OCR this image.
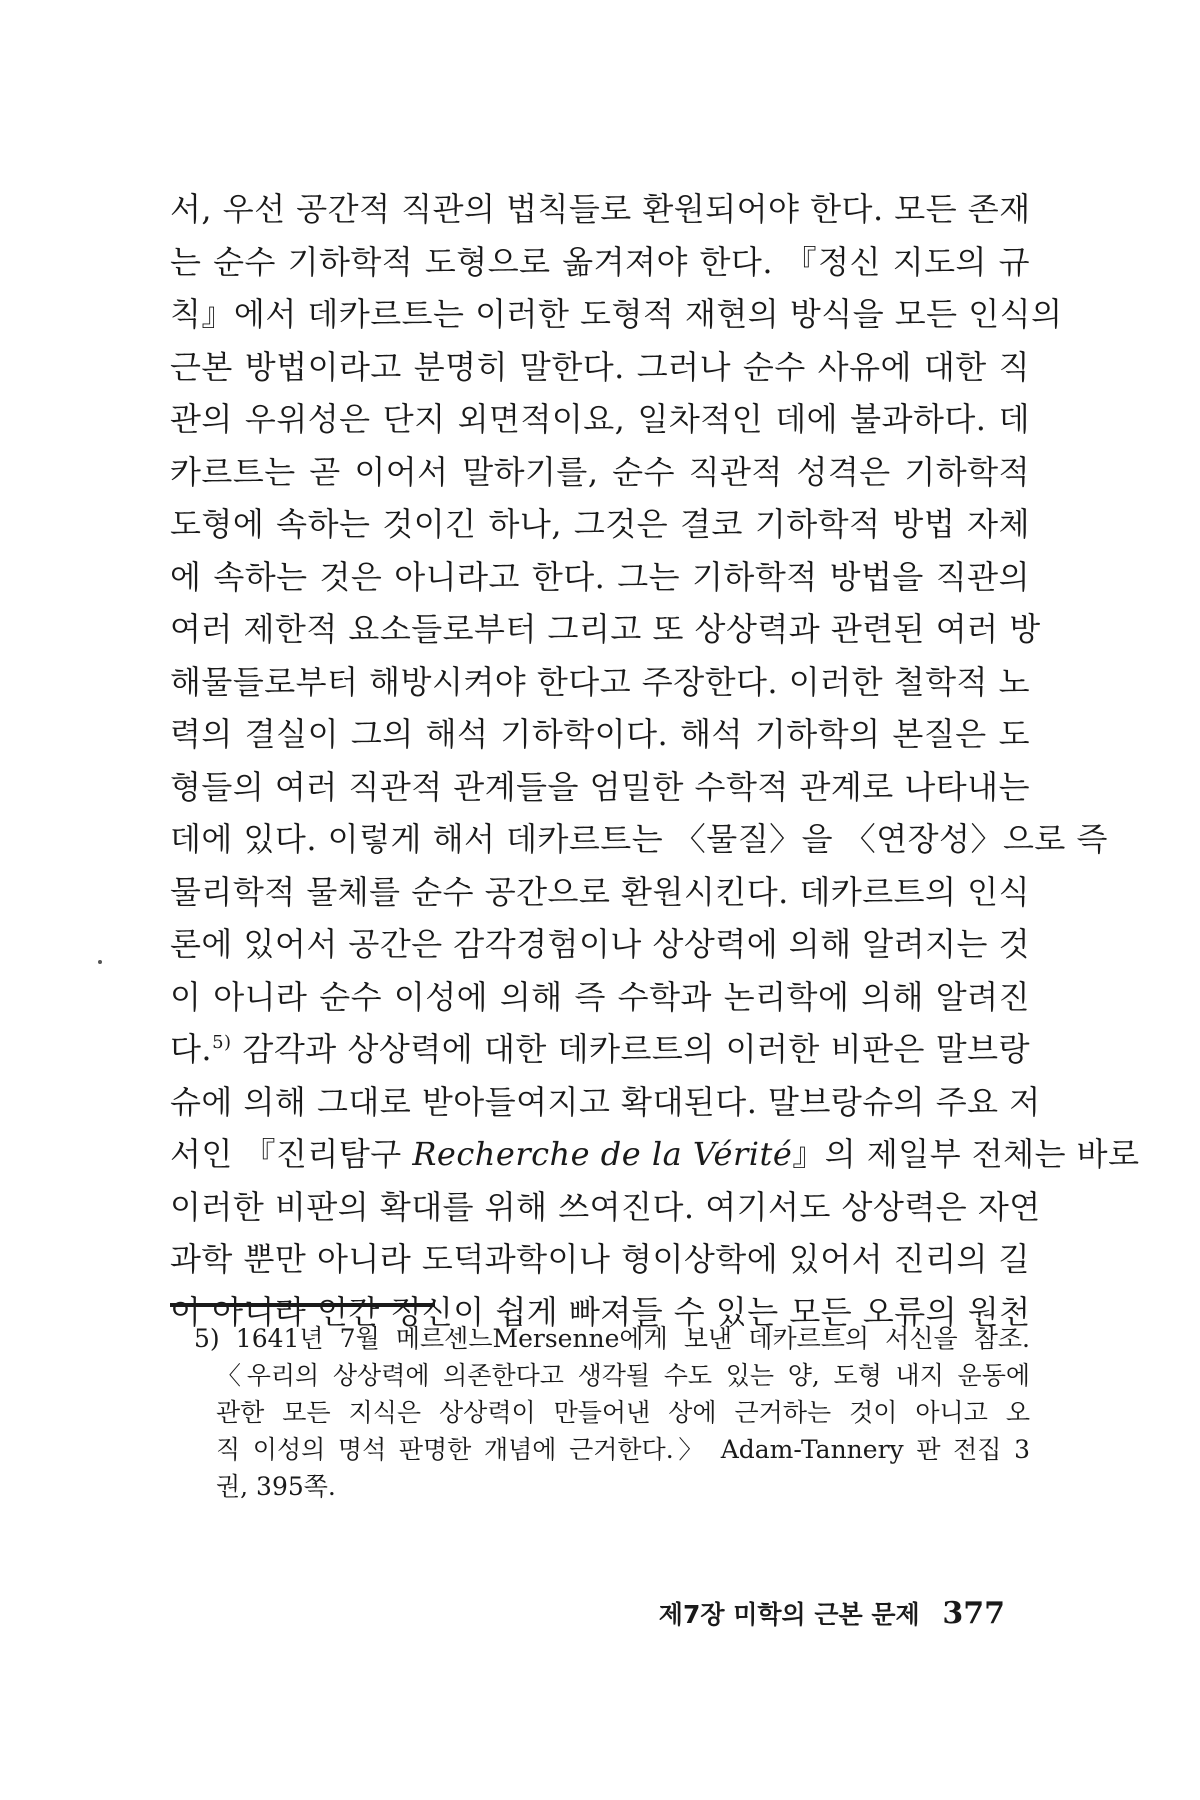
서, 우선 공간적 직관의 법칙들로 환원되어야 한다. 모든 존재
는 순수 기하학적 도형으로 옮겨져야 한다. 『정신 지도의 규
칙』에서 데카르트는 이러한 도형적 재현의 방식을 모든 인식의
근본 방법이라고 분명히 말한다. 그러나 순수 사유에 대한 직
관의 우위성은 단지 외면적이요, 일차적인 데에 불과하다. 데
카르트는 곧 이어서 말하기를, 순수 직관적 성격은 기하학적
도형에 속하는 것이긴 하나, 그것은 결코 기하학적 방법 자체
에 속하는 것은 아니라고 한다. 그는 기하학적 방법을 직관의
여러 제한적 요소들로부터 그리고 또 상상력과 관련된 여러 방
해물들로부터 해방시켜야 한다고 주장한다. 이러한 철학적 노
력의 결실이 그의 해석 기하학이다. 해석 기하학의 본질은 도
형들의 여러 직관적 관계들을 엄밀한 수학적 관계로 나타내는
데에 있다. 이렇게 해서 데카르트는 〈물질〉을 〈연장성〉으로 즉
물리학적 물체를 순수 공간으로 환원시킨다. 데카르트의 인식
론에 있어서 공간은 감각경험이나 상상력에 의해 알려지는 것
이 아니라 순수 이성에 의해 즉 수학과 논리학에 의해 알려진
다.$^{5)}$ 감각과 상상력에 대한 데카르트의 이러한 비판은 말브랑
슈에 의해 그대로 받아들여지고 확대된다. 말브랑슈의 주요 저
서인 『진리탐구 Recherche de la Vérité』의 제일부 전체는 바로
이러한 비판의 확대를 위해 쓰여진다. 여기서도 상상력은 자연
과학 뿐만 아니라 도덕과학이나 형이상학에 있어서 진리의 길
이 아니라 인간 정신이 쉽게 빠져들 수 있는 모든 오류의 원천
5) 1641년 7월 메르센느Mersenne에게 보낸 데카르트의 서신을 참조.
〈우리의 상상력에 의존한다고 생각될 수도 있는 양, 도형 내지 운동에
관한 모든 지식은 상상력이 만들어낸 상에 근거하는 것이 아니고 오
직 이성의 명석 판명한 개념에 근거한다.〉 Adam-Tannery 판 전집 3
권, 395쪽.
제7장 미학의 근본 문제 377
